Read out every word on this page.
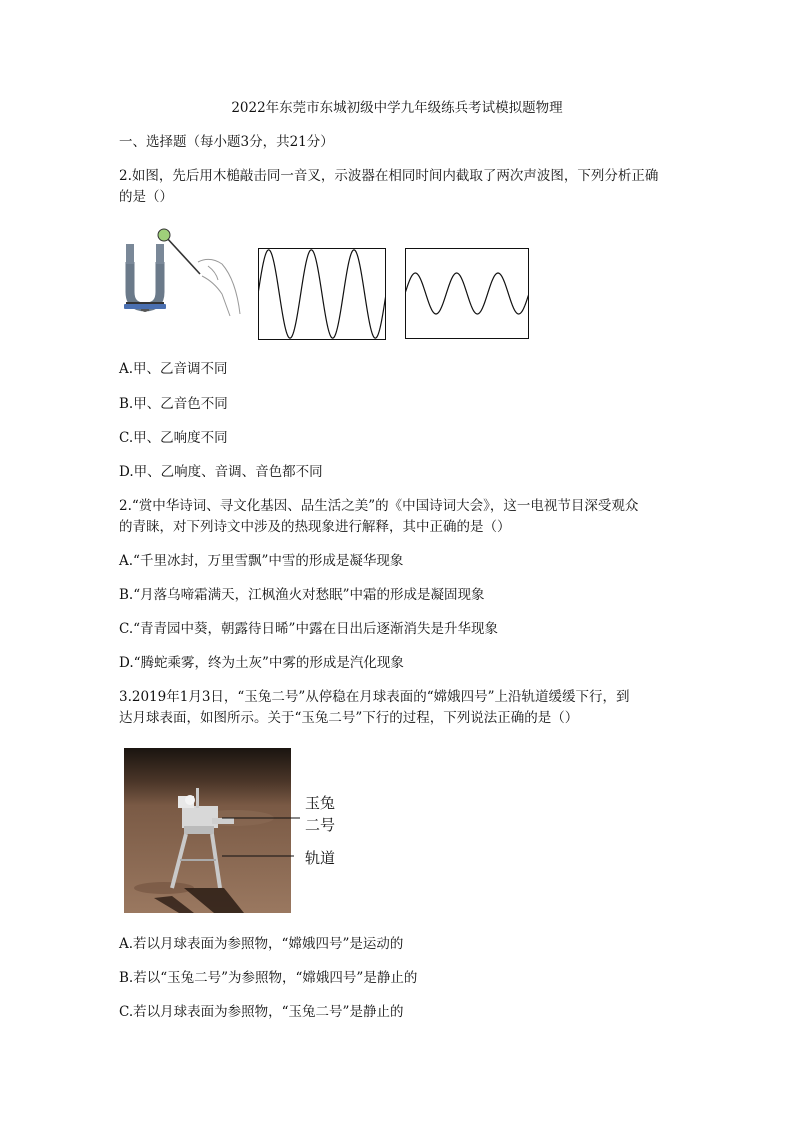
2022年东莞市东城初级中学九年级练兵考试模拟题物理
一、选择题（每小题3分，共21分）
2.如图，先后用木槌敲击同一音叉，示波器在相同时间内截取了两次声波图，下列分析正确
的是（）
A.甲、乙音调不同
B.甲、乙音色不同
C.甲、乙响度不同
D.甲、乙响度、音调、音色都不同
2.“赏中华诗词、寻文化基因、品生活之美”的《中国诗词大会》，这一电视节目深受观众
的青睐，对下列诗文中涉及的热现象进行解释，其中正确的是（）
A.“千里冰封，万里雪飘”中雪的形成是凝华现象
B.“月落乌啼霜满天，江枫渔火对愁眠”中霜的形成是凝固现象
C.“青青园中葵，朝露待日晞”中露在日出后逐渐消失是升华现象
D.“腾蛇乘雾，终为土灰”中雾的形成是汽化现象
3.2019年1月3日，“玉兔二号”从停稳在月球表面的“嫦娥四号”上沿轨道缓缓下行，到
达月球表面，如图所示。关于“玉兔二号”下行的过程，下列说法正确的是（）
玉兔
二号
轨道
A.若以月球表面为参照物，“嫦娥四号”是运动的
B.若以“玉兔二号”为参照物，“嫦娥四号”是静止的
C.若以月球表面为参照物，“玉兔二号”是静止的
